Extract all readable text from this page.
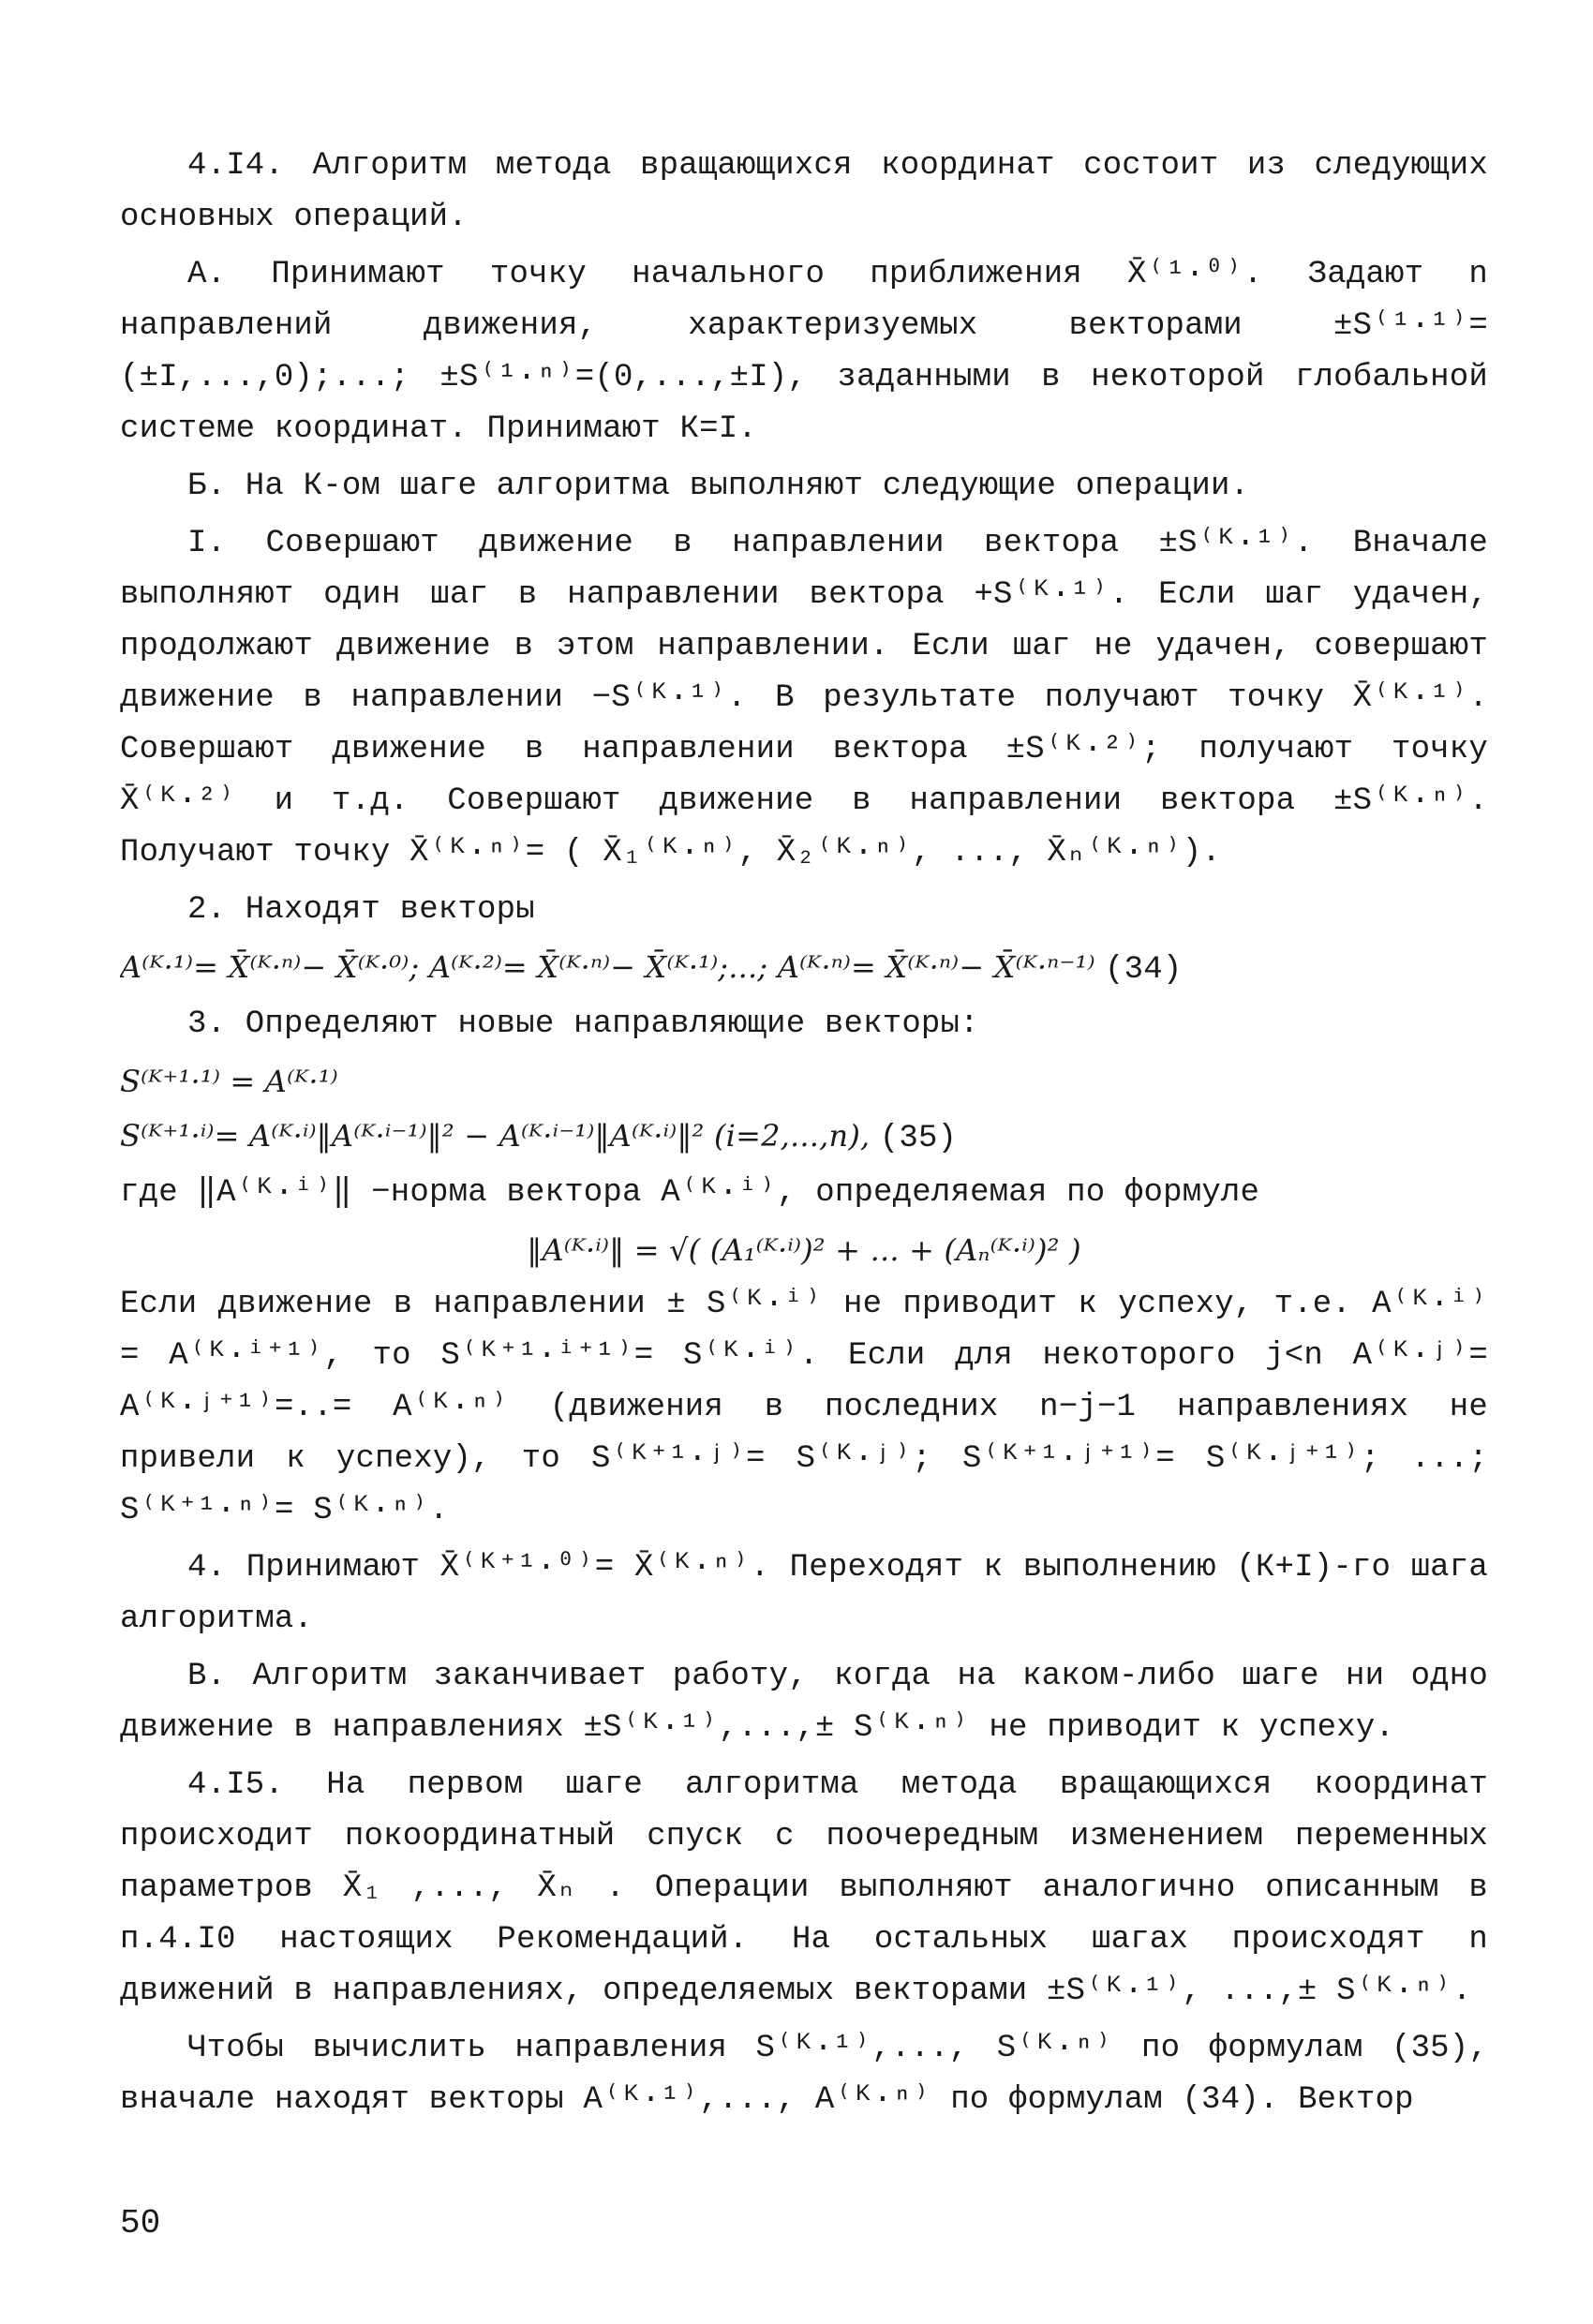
4.I4. Алгоритм метода вращающихся координат состоит из следующих основных операций.

А. Принимают точку начального приближения X̄⁽¹·⁰⁾. Задают n направлений движения, характеризуемых векторами ±S⁽¹·¹⁾=(±I,...,0);...; ±S⁽¹·ⁿ⁾=(0,...,±I), заданными в некоторой глобальной системе координат. Принимают К=I.

Б. На К-ом шаге алгоритма выполняют следующие операции.

I. Совершают движение в направлении вектора ±S⁽ᴷ·¹⁾. Вначале выполняют один шаг в направлении вектора +S⁽ᴷ·¹⁾. Если шаг удачен, продолжают движение в этом направлении. Если шаг не удачен, совершают движение в направлении −S⁽ᴷ·¹⁾. В результате получают точку X̄⁽ᴷ·¹⁾. Совершают движение в направлении вектора ±S⁽ᴷ·²⁾; получают точку X̄⁽ᴷ·²⁾ и т.д. Совершают движение в направлении вектора ±S⁽ᴷ·ⁿ⁾. Получают точку X̄⁽ᴷ·ⁿ⁾= ( X̄₁⁽ᴷ·ⁿ⁾, X̄₂⁽ᴷ·ⁿ⁾, ..., X̄ₙ⁽ᴷ·ⁿ⁾).

2. Находят векторы

A⁽ᴷ·¹⁾= X̄⁽ᴷ·ⁿ⁾− X̄⁽ᴷ·⁰⁾; A⁽ᴷ·²⁾= X̄⁽ᴷ·ⁿ⁾− X̄⁽ᴷ·¹⁾;...; A⁽ᴷ·ⁿ⁾= X̄⁽ᴷ·ⁿ⁾− X̄⁽ᴷ·ⁿ⁻¹⁾ (34)

3. Определяют новые направляющие векторы:

S⁽ᴷ⁺¹·¹⁾ = A⁽ᴷ·¹⁾
S⁽ᴷ⁺¹·ⁱ⁾= A⁽ᴷ·ⁱ⁾‖A⁽ᴷ·ⁱ⁻¹⁾‖² − A⁽ᴷ·ⁱ⁻¹⁾‖A⁽ᴷ·ⁱ⁾‖² (i=2,...,n), (35)

где ‖A⁽ᴷ·ⁱ⁾‖ −норма вектора A⁽ᴷ·ⁱ⁾, определяемая по формуле

‖A⁽ᴷ·ⁱ⁾‖ = √( (A₁⁽ᴷ·ⁱ⁾)² + ... + (Aₙ⁽ᴷ·ⁱ⁾)² )

Если движение в направлении ± S⁽ᴷ·ⁱ⁾ не приводит к успеху, т.е. A⁽ᴷ·ⁱ⁾= A⁽ᴷ·ⁱ⁺¹⁾, то S⁽ᴷ⁺¹·ⁱ⁺¹⁾= S⁽ᴷ·ⁱ⁾. Если для некоторого j<n A⁽ᴷ·ʲ⁾= A⁽ᴷ·ʲ⁺¹⁾=..= A⁽ᴷ·ⁿ⁾ (движения в последних n−j−1 направлениях не привели к успеху), то S⁽ᴷ⁺¹·ʲ⁾= S⁽ᴷ·ʲ⁾; S⁽ᴷ⁺¹·ʲ⁺¹⁾= S⁽ᴷ·ʲ⁺¹⁾; ...; S⁽ᴷ⁺¹·ⁿ⁾= S⁽ᴷ·ⁿ⁾.

4. Принимают X̄⁽ᴷ⁺¹·⁰⁾= X̄⁽ᴷ·ⁿ⁾. Переходят к выполнению (К+I)-го шага алгоритма.

В. Алгоритм заканчивает работу, когда на каком-либо шаге ни одно движение в направлениях ±S⁽ᴷ·¹⁾,...,± S⁽ᴷ·ⁿ⁾ не приводит к успеху.

4.I5. На первом шаге алгоритма метода вращающихся координат происходит покоординатный спуск с поочередным изменением переменных параметров X̄₁ ,..., X̄ₙ . Операции выполняют аналогично описанным в п.4.I0 настоящих Рекомендаций. На остальных шагах происходят n движений в направлениях, определяемых векторами ±S⁽ᴷ·¹⁾, ...,± S⁽ᴷ·ⁿ⁾.

Чтобы вычислить направления S⁽ᴷ·¹⁾,..., S⁽ᴷ·ⁿ⁾ по формулам (35), вначале находят векторы A⁽ᴷ·¹⁾,..., A⁽ᴷ·ⁿ⁾ по формулам (34). Вектор

50
